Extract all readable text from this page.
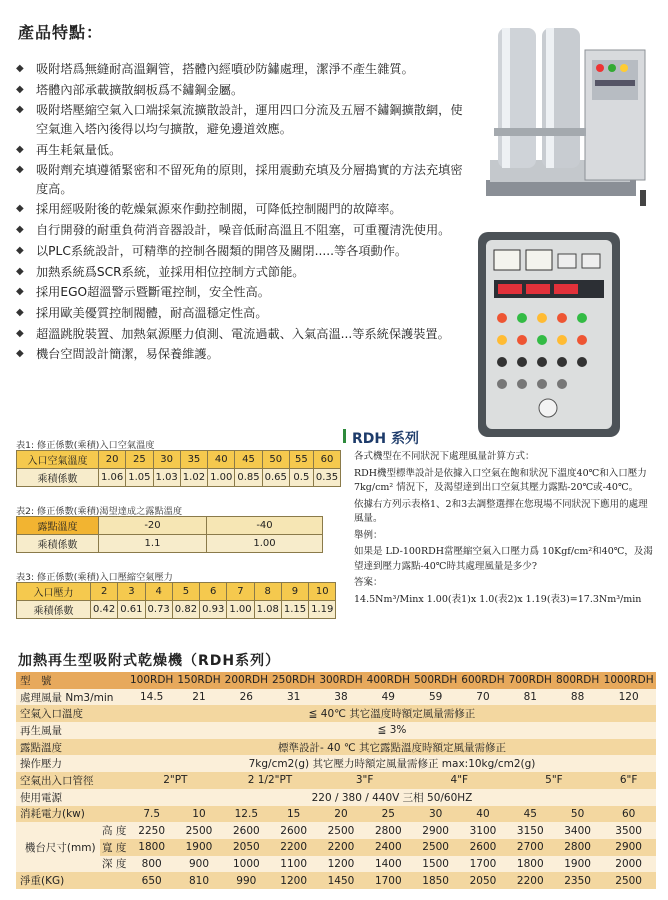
產品特點：
◆ 吸附塔爲無縫耐高溫鋼管，搭體內經噴砂防鏽處理，潔淨不產生雜質。
◆ 塔體內部承載擴散網板爲不鏽鋼金屬。
◆ 吸附塔壓縮空氣入口端採氣流擴散設計，運用四口分流及五層不鏽鋼擴散網，使空氣進入塔內後得以均勻擴散，避免邊道效應。
◆ 再生耗氣量低。
◆ 吸附劑充填遵循緊密和不留死角的原則，採用震動充填及分層搗實的方法充填密度高。
◆ 採用經吸附後的乾燥氣源來作動控制閥，可降低控制閥門的故障率。
◆ 自行開發的耐重負荷消音器設計，噪音低耐高溫且不阻塞，可重覆清洗使用。
◆ 以PLC系統設計，可精準的控制各閥類的開啓及關閉.....等各項動作。
◆ 加熱系統爲SCR系統，並採用相位控制方式節能。
◆ 採用EGO超溫警示暨斷電控制，安全性高。
◆ 採用歐美優質控制閥體，耐高溫穩定性高。
◆ 超溫跳脫裝置、加熱氣源壓力偵測、電流過載、入氣高溫...等系統保護裝置。
◆ 機台空間設計簡潔，易保養維護。
表1: 修正係數(乘積)入口空氣溫度
入口空氣溫度	20	25	30	35	40	45	50	55	60
乘積係數	1.06	1.05	1.03	1.02	1.00	0.85	0.65	0.5	0.35
表2: 修正係數(乘積)渴望達成之露點溫度
露點溫度	-20	-40
乘積係數	1.1	1.00
表3: 修正係數(乘積)入口壓縮空氣壓力
入口壓力	2	3	4	5	6	7	8	9	10
乘積係數	0.42	0.61	0.73	0.82	0.93	1.00	1.08	1.15	1.19
RDH 系列

各式機型在不同狀況下處理風量計算方式：

RDH機型標準設計是依據入口空氣在飽和狀況下溫度40℃和入口壓力 7kg/cm² 情況下，及渴望達到出口空氣其壓力露點-20℃或-40℃。

依據右方列示表格1、2和3去調整選擇在您現場不同狀況下應用的處理風量。

舉例：

如果是 LD-100RDH當壓縮空氣入口壓力爲 10Kgf/cm²和40℃，及渴望達到壓力露點-40℃時其處理風量是多少?

答案：

14.5Nm³/Minx 1.00(表1)x 1.0(表2)x 1.19(表3)=17.3Nm³/min

加熱再生型吸附式乾燥機（RDH系列）
型　號		100RDH	150RDH	200RDH	250RDH	300RDH	400RDH	500RDH	600RDH	700RDH	800RDH	1000RDH
處理風量 Nm3/min		14.5	21	26	31	38	49	59	70	81	88	120
空氣入口溫度		≦ 40℃ 其它溫度時額定風量需修正										
再生風量		≦ 3%										
露點溫度		標準設計- 40 ℃ 其它露點溫度時額定風量需修正										
操作壓力		7kg/cm2(g) 其它壓力時額定風量需修正 max:10kg/cm2(g)										
空氣出入口管徑		2"PT		2 1/2"PT		3"F		4"F		5"F		6"F
使用電源		220 / 380 / 440V 三相 50/60HZ										
消耗電力(kw)		7.5	10	12.5	15	20	25	30	40	45	50	60
機台尺寸(mm)	高 度	2250	2500	2600	2600	2500	2800	2900	3100	3150	3400	3500
	寬 度	1800	1900	2050	2200	2200	2400	2500	2600	2700	2800	2900
	深 度	800	900	1000	1100	1200	1400	1500	1700	1800	1900	2000
淨重(KG)		650	810	990	1200	1450	1700	1850	2050	2200	2350	2500
